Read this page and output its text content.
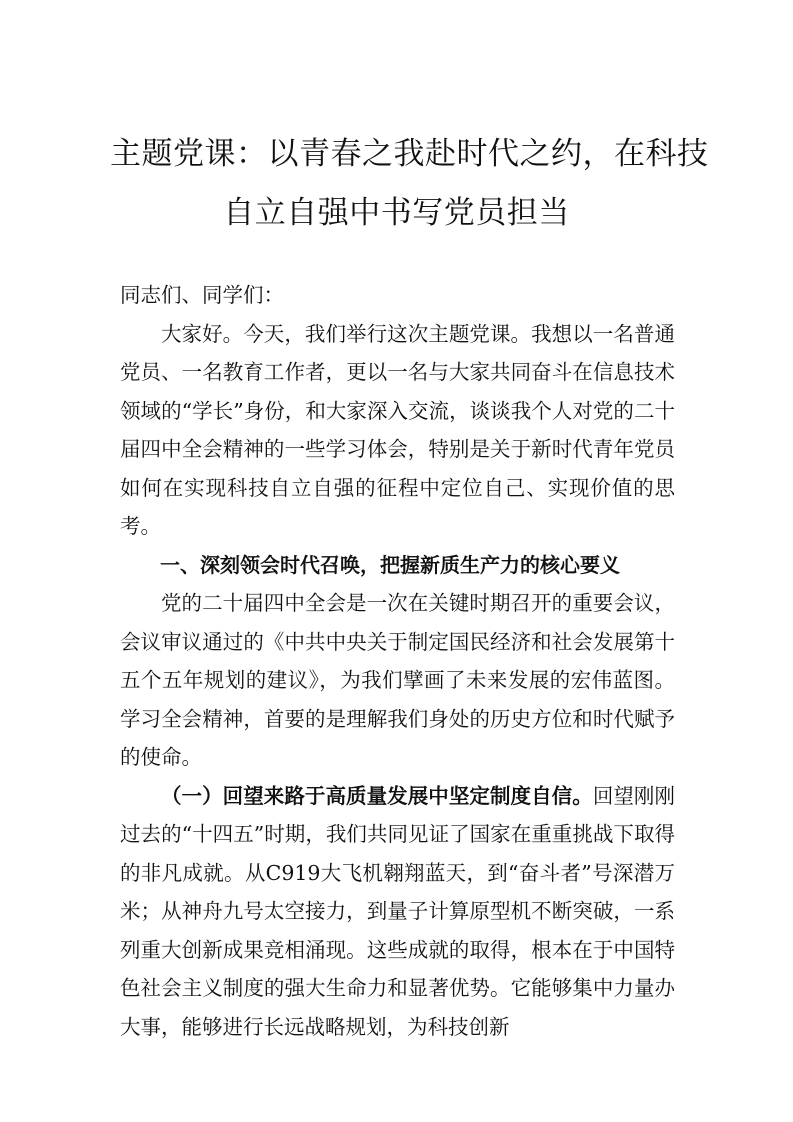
主题党课：以青春之我赴时代之约，在科技
自立自强中书写党员担当

同志们、同学们：

大家好。今天，我们举行这次主题党课。我想以一名普通党员、一名教育工作者，更以一名与大家共同奋斗在信息技术领域的“学长”身份，和大家深入交流，谈谈我个人对党的二十届四中全会精神的一些学习体会，特别是关于新时代青年党员如何在实现科技自立自强的征程中定位自己、实现价值的思考。

一、深刻领会时代召唤，把握新质生产力的核心要义

党的二十届四中全会是一次在关键时期召开的重要会议，会议审议通过的《中共中央关于制定国民经济和社会发展第十五个五年规划的建议》，为我们擘画了未来发展的宏伟蓝图。学习全会精神，首要的是理解我们身处的历史方位和时代赋予的使命。

（一）回望来路于高质量发展中坚定制度自信。回望刚刚过去的“十四五”时期，我们共同见证了国家在重重挑战下取得的非凡成就。从C919大飞机翱翔蓝天，到“奋斗者”号深潜万米；从神舟九号太空接力，到量子计算原型机不断突破，一系列重大创新成果竞相涌现。这些成就的取得，根本在于中国特色社会主义制度的强大生命力和显著优势。它能够集中力量办大事，能够进行长远战略规划，为科技创新
